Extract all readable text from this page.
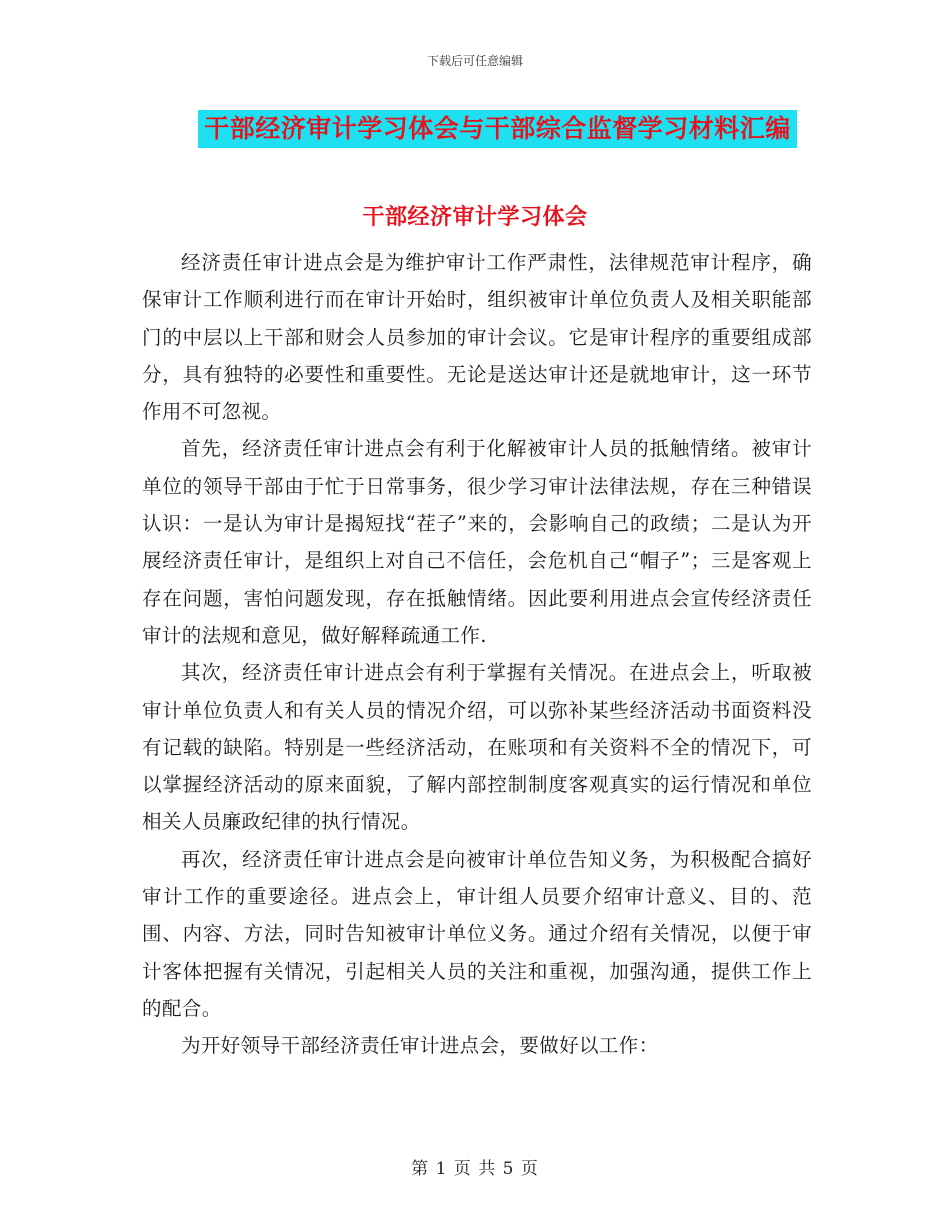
下载后可任意编辑
干部经济审计学习体会与干部综合监督学习材料汇编
干部经济审计学习体会

经济责任审计进点会是为维护审计工作严肃性，法律规范审计程序，确保审计工作顺利进行而在审计开始时，组织被审计单位负责人及相关职能部门的中层以上干部和财会人员参加的审计会议。它是审计程序的重要组成部分，具有独特的必要性和重要性。无论是送达审计还是就地审计，这一环节作用不可忽视。

首先，经济责任审计进点会有利于化解被审计人员的抵触情绪。被审计单位的领导干部由于忙于日常事务，很少学习审计法律法规，存在三种错误认识：一是认为审计是揭短找“茬子”来的，会影响自己的政绩；二是认为开展经济责任审计，是组织上对自己不信任，会危机自己“帽子”；三是客观上存在问题，害怕问题发现，存在抵触情绪。因此要利用进点会宣传经济责任审计的法规和意见，做好解释疏通工作.

其次，经济责任审计进点会有利于掌握有关情况。在进点会上，听取被审计单位负责人和有关人员的情况介绍，可以弥补某些经济活动书面资料没有记载的缺陷。特别是一些经济活动，在账项和有关资料不全的情况下，可以掌握经济活动的原来面貌，了解内部控制制度客观真实的运行情况和单位相关人员廉政纪律的执行情况。

再次，经济责任审计进点会是向被审计单位告知义务，为积极配合搞好审计工作的重要途径。进点会上，审计组人员要介绍审计意义、目的、范围、内容、方法，同时告知被审计单位义务。通过介绍有关情况，以便于审计客体把握有关情况，引起相关人员的关注和重视，加强沟通，提供工作上的配合。

为开好领导干部经济责任审计进点会，要做好以工作：

第 1 页 共 5 页
